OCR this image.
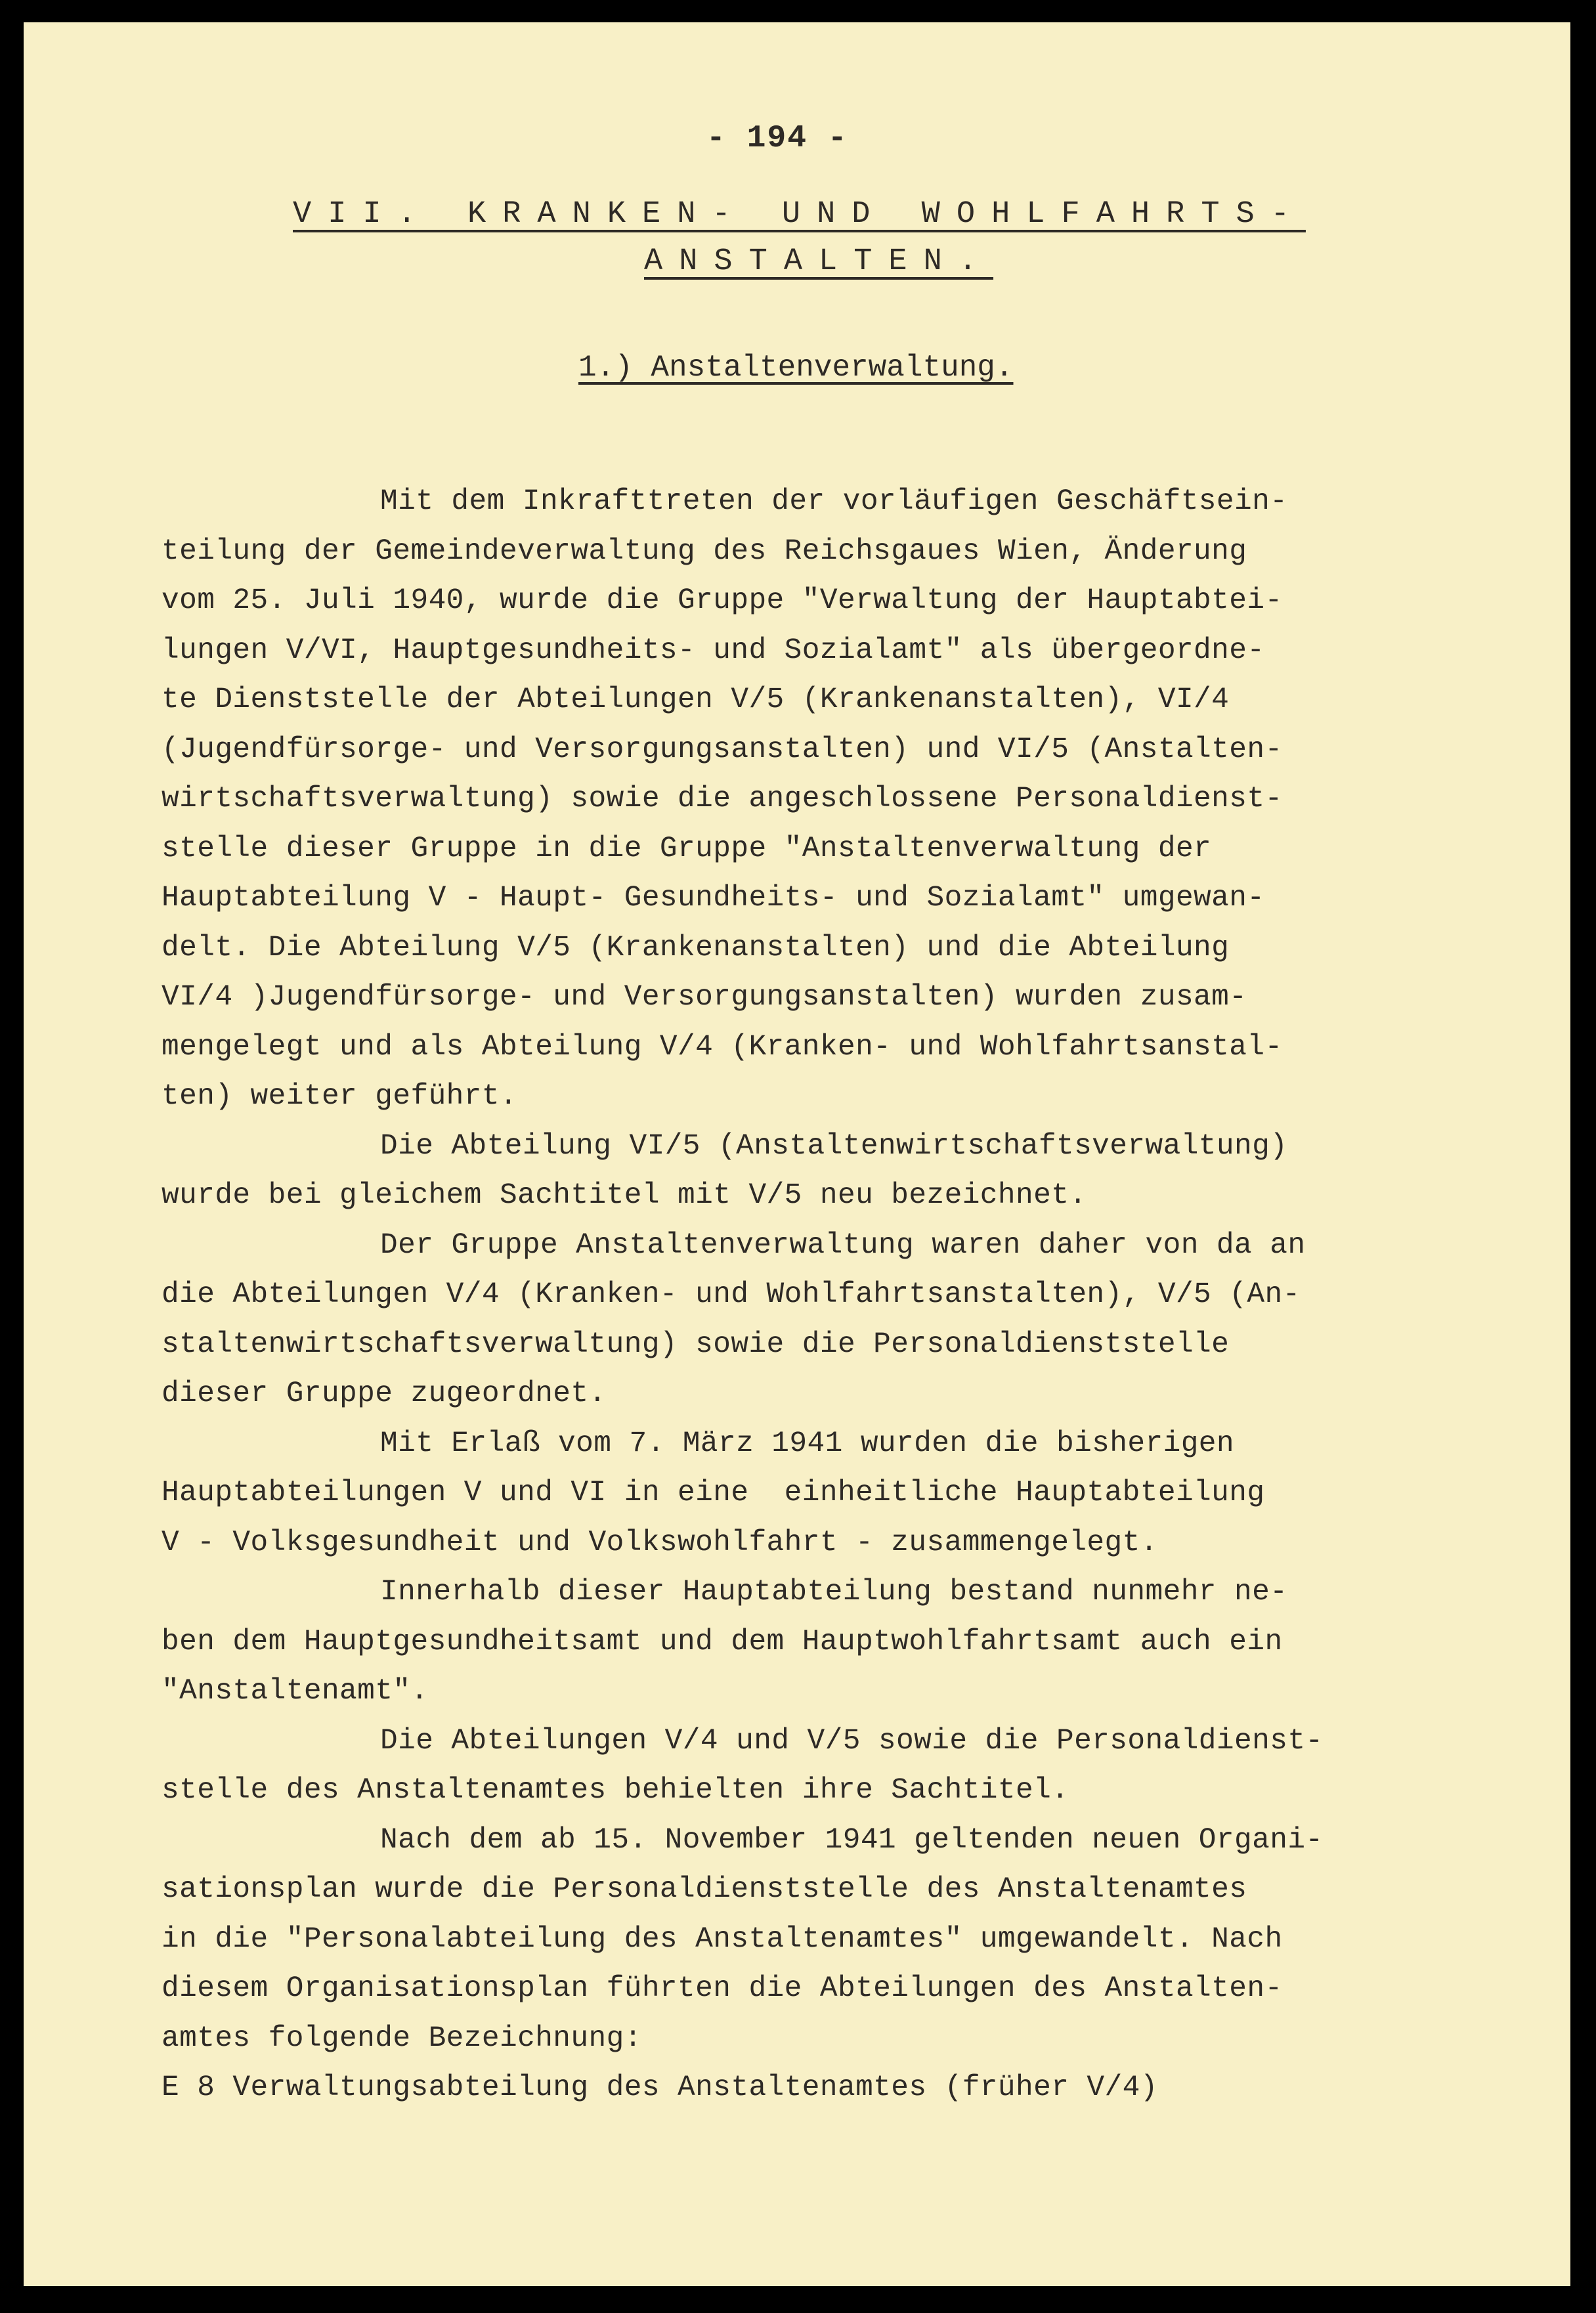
- 194 -
VII. KRANKEN- UND WOHLFAHRTS-
ANSTALTEN.
1.) Anstaltenverwaltung.
Mit dem Inkrafttreten der vorläufigen Geschäftsein-
teilung der Gemeindeverwaltung des Reichsgaues Wien, Änderung
vom 25. Juli 1940, wurde die Gruppe "Verwaltung der Hauptabtei-
lungen V/VI, Hauptgesundheits- und Sozialamt" als übergeordne-
te Dienststelle der Abteilungen V/5 (Krankenanstalten), VI/4
(Jugendfürsorge- und Versorgungsanstalten) und VI/5 (Anstalten-
wirtschaftsverwaltung) sowie die angeschlossene Personaldienst-
stelle dieser Gruppe in die Gruppe "Anstaltenverwaltung der
Hauptabteilung V - Haupt- Gesundheits- und Sozialamt" umgewan-
delt. Die Abteilung V/5 (Krankenanstalten) und die Abteilung
VI/4 )Jugendfürsorge- und Versorgungsanstalten) wurden zusam-
mengelegt und als Abteilung V/4 (Kranken- und Wohlfahrtsanstal-
ten) weiter geführt.
Die Abteilung VI/5 (Anstaltenwirtschaftsverwaltung)
wurde bei gleichem Sachtitel mit V/5 neu bezeichnet.
Der Gruppe Anstaltenverwaltung waren daher von da an
die Abteilungen V/4 (Kranken- und Wohlfahrtsanstalten), V/5 (An-
staltenwirtschaftsverwaltung) sowie die Personaldienststelle
dieser Gruppe zugeordnet.
Mit Erlaß vom 7. März 1941 wurden die bisherigen
Hauptabteilungen V und VI in eine  einheitliche Hauptabteilung
V - Volksgesundheit und Volkswohlfahrt - zusammengelegt.
Innerhalb dieser Hauptabteilung bestand nunmehr ne-
ben dem Hauptgesundheitsamt und dem Hauptwohlfahrtsamt auch ein
"Anstaltenamt".
Die Abteilungen V/4 und V/5 sowie die Personaldienst-
stelle des Anstaltenamtes behielten ihre Sachtitel.
Nach dem ab 15. November 1941 geltenden neuen Organi-
sationsplan wurde die Personaldienststelle des Anstaltenamtes
in die "Personalabteilung des Anstaltenamtes" umgewandelt. Nach
diesem Organisationsplan führten die Abteilungen des Anstalten-
amtes folgende Bezeichnung:
E 8 Verwaltungsabteilung des Anstaltenamtes (früher V/4)
